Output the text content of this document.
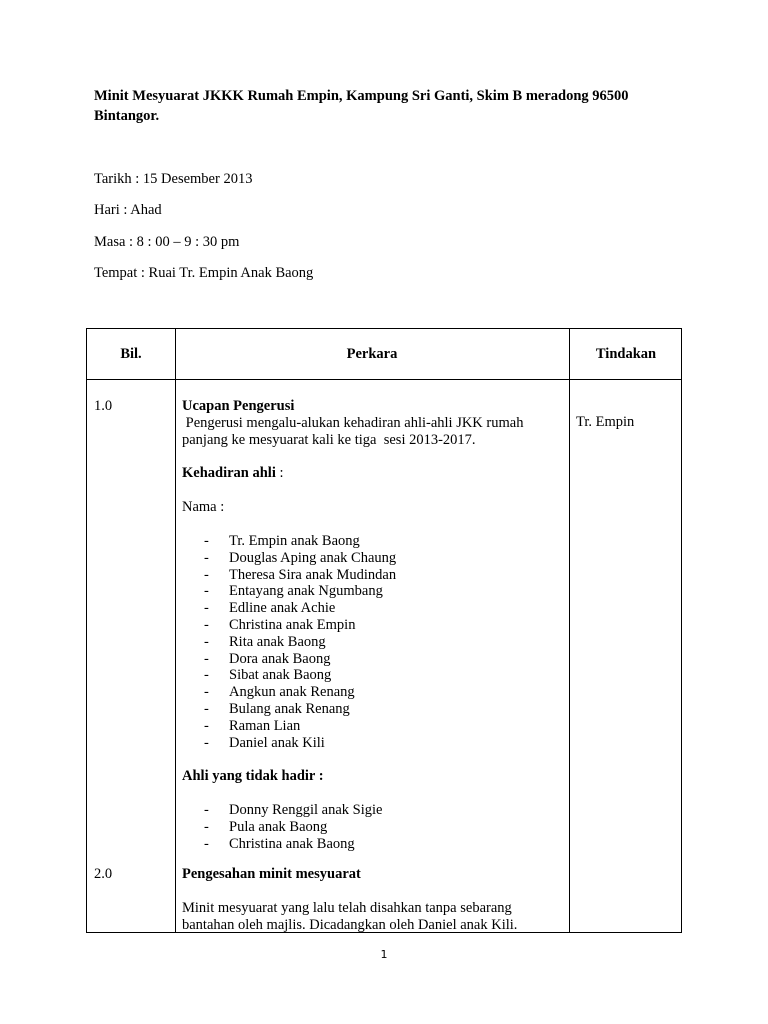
Minit Mesyuarat JKKK Rumah Empin, Kampung Sri Ganti, Skim B meradong 96500 Bintangor.
Tarikh : 15 Desember 2013
Hari : Ahad
Masa : 8 : 00 – 9 : 30 pm
Tempat : Ruai Tr. Empin Anak Baong
Bil.	Perkara	Tindakan
1.0
2.0
Tr. Empin
Ucapan Pengerusi

Pengerusi mengalu-alukan kehadiran ahli-ahli JKK rumah panjang ke mesyuarat kali ke tiga  sesi 2013-2017.

Kehadiran ahli :
Nama :
- Tr. Empin anak Baong
- Douglas Aping anak Chaung
- Theresa Sira anak Mudindan
- Entayang anak Ngumbang
- Edline anak Achie
- Christina anak Empin
- Rita anak Baong
- Dora anak Baong
- Sibat anak Baong
- Angkun anak Renang
- Bulang anak Renang
- Raman Lian
- Daniel anak Kili
Ahli yang tidak hadir :
- Donny Renggil anak Sigie
- Pula anak Baong
- Christina anak Baong
Pengesahan minit mesyuarat

Minit mesyuarat yang lalu telah disahkan tanpa sebarang bantahan oleh majlis. Dicadangkan oleh Daniel anak Kili.

1
